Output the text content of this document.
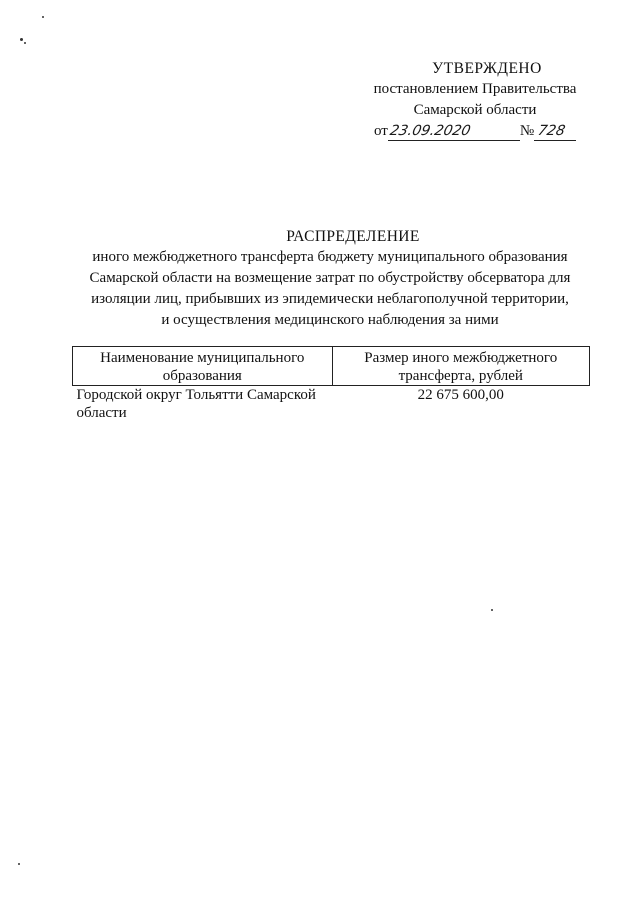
УТВЕРЖДЕНО
постановлением Правительства
Самарской области
от23.09.2020	№ 728
РАСПРЕДЕЛЕНИЕ
иного межбюджетного трансферта бюджету муниципального образования
Самарской области на возмещение затрат по обустройству обсерватора для
изоляции лиц, прибывших из эпидемически неблагополучной территории,
и осуществления медицинского наблюдения за ними
Наименование муниципального образования	Размер иного межбюджетного трансферта, рублей
Городской округ Тольятти Самарской области	22 675 600,00
